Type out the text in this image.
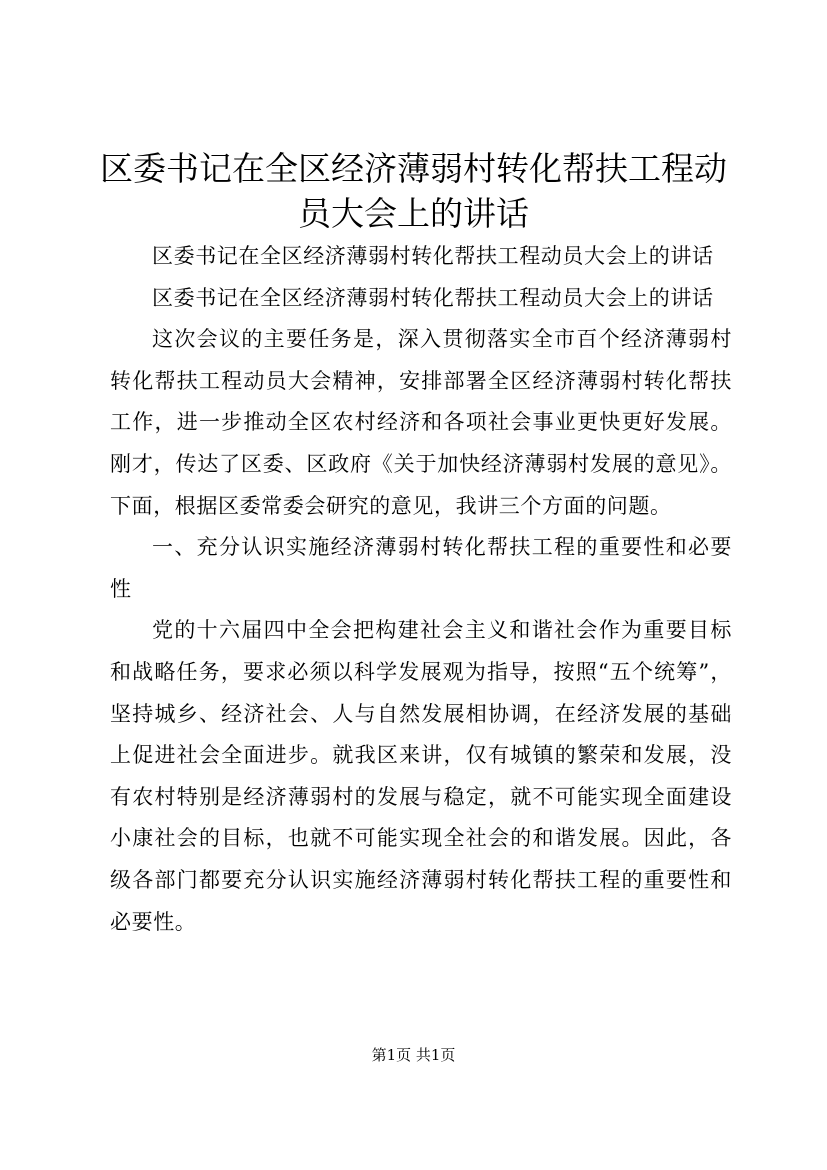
区委书记在全区经济薄弱村转化帮扶工程动员大会上的讲话

区委书记在全区经济薄弱村转化帮扶工程动员大会上的讲话

区委书记在全区经济薄弱村转化帮扶工程动员大会上的讲话

这次会议的主要任务是，深入贯彻落实全市百个经济薄弱村转化帮扶工程动员大会精神，安排部署全区经济薄弱村转化帮扶工作，进一步推动全区农村经济和各项社会事业更快更好发展。刚才，传达了区委、区政府《关于加快经济薄弱村发展的意见》。下面，根据区委常委会研究的意见，我讲三个方面的问题。

一、充分认识实施经济薄弱村转化帮扶工程的重要性和必要性

党的十六届四中全会把构建社会主义和谐社会作为重要目标和战略任务，要求必须以科学发展观为指导，按照“五个统筹”，坚持城乡、经济社会、人与自然发展相协调，在经济发展的基础上促进社会全面进步。就我区来讲，仅有城镇的繁荣和发展，没有农村特别是经济薄弱村的发展与稳定，就不可能实现全面建设小康社会的目标，也就不可能实现全社会的和谐发展。因此，各级各部门都要充分认识实施经济薄弱村转化帮扶工程的重要性和必要性。

第1页 共1页
